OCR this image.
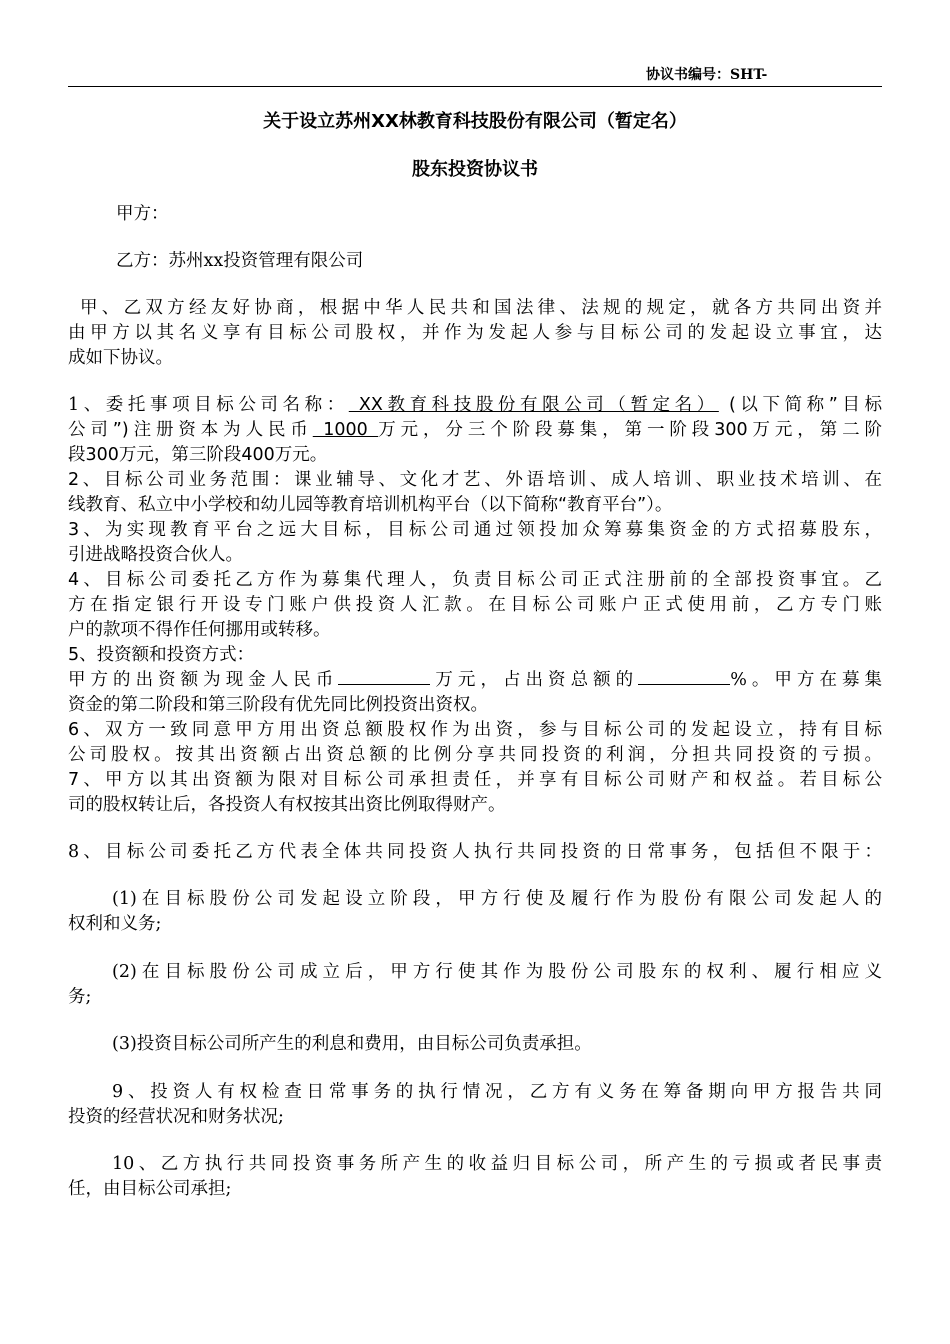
协议书编号：SHT-
关于设立苏州XX林教育科技股份有限公司（暂定名）
股东投资协议书
甲方：
乙方：苏州xx投资管理有限公司
甲、乙双方经友好协商，根据中华人民共和国法律、法规的规定，就各方共同出资并
由甲方以其名义享有目标公司股权，并作为发起人参与目标公司的发起设立事宜，达
成如下协议。
1、委托事项目标公司名称： XX教育科技股份有限公司（暂定名） (以下简称”目标
公司”)注册资本为人民币 1000 万元，分三个阶段募集，第一阶段300万元，第二阶
段300万元，第三阶段400万元。
2、目标公司业务范围：课业辅导、文化才艺、外语培训、成人培训、职业技术培训、在
线教育、私立中小学校和幼儿园等教育培训机构平台（以下简称“教育平台”）。
3、为实现教育平台之远大目标，目标公司通过领投加众筹募集资金的方式招募股东，
引进战略投资合伙人。
4、目标公司委托乙方作为募集代理人，负责目标公司正式注册前的全部投资事宜。乙
方在指定银行开设专门账户供投资人汇款。在目标公司账户正式使用前，乙方专门账
户的款项不得作任何挪用或转移。
5、投资额和投资方式：
甲方的出资额为现金人民币	万元，占出资总额的	%。甲方在募集
资金的第二阶段和第三阶段有优先同比例投资出资权。
6、双方一致同意甲方用出资总额股权作为出资，参与目标公司的发起设立，持有目标
公司股权。按其出资额占出资总额的比例分享共同投资的利润，分担共同投资的亏损。
7、甲方以其出资额为限对目标公司承担责任，并享有目标公司财产和权益。若目标公
司的股权转让后，各投资人有权按其出资比例取得财产。
8、目标公司委托乙方代表全体共同投资人执行共同投资的日常事务，包括但不限于：
(1)在目标股份公司发起设立阶段，甲方行使及履行作为股份有限公司发起人的
权利和义务;
(2)在目标股份公司成立后，甲方行使其作为股份公司股东的权利、履行相应义
务;
(3)投资目标公司所产生的利息和费用，由目标公司负责承担。
9、投资人有权检查日常事务的执行情况，乙方有义务在筹备期向甲方报告共同
投资的经营状况和财务状况;
10、乙方执行共同投资事务所产生的收益归目标公司，所产生的亏损或者民事责
任，由目标公司承担;
